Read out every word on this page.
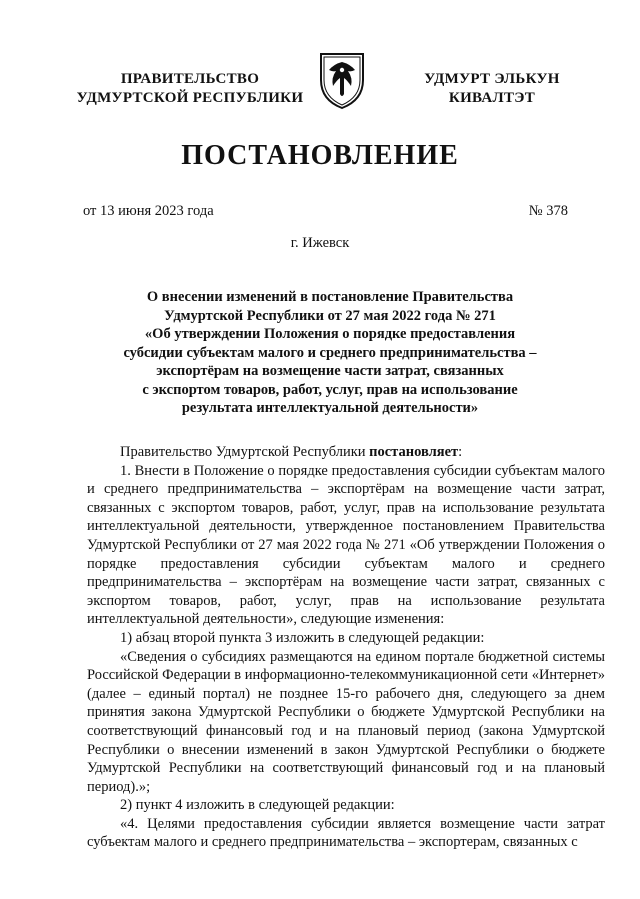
ПРАВИТЕЛЬСТВО
УДМУРТСКОЙ РЕСПУБЛИКИ
УДМУРТ ЭЛЬКУН
КИВАЛТЭТ
ПОСТАНОВЛЕНИЕ
от 13 июня 2023 года	№ 378
г. Ижевск
О внесении изменений в постановление Правительства
Удмуртской Республики от 27 мая 2022 года № 271
«Об утверждении Положения о порядке предоставления
субсидии субъектам малого и среднего предпринимательства –
экспортёрам на возмещение части затрат, связанных
с экспортом товаров, работ, услуг, прав на использование
результата интеллектуальной деятельности»

Правительство Удмуртской Республики постановляет:

1. Внести в Положение о порядке предоставления субсидии субъектам малого и среднего предпринимательства – экспортёрам на возмещение части затрат, связанных с экспортом товаров, работ, услуг, прав на использование результата интеллектуальной деятельности, утвержденное постановлением Правительства Удмуртской Республики от 27 мая 2022 года № 271 «Об утверждении Положения о порядке предоставления субсидии субъектам малого и среднего предпринимательства – экспортёрам на возмещение части затрат, связанных с экспортом товаров, работ, услуг, прав на использование результата интеллектуальной деятельности», следующие изменения:

1) абзац второй пункта 3 изложить в следующей редакции:

«Сведения о субсидиях размещаются на едином портале бюджетной системы Российской Федерации в информационно-телекоммуникационной сети «Интернет» (далее – единый портал) не позднее 15-го рабочего дня, следующего за днем принятия закона Удмуртской Республики о бюджете Удмуртской Республики на соответствующий финансовый год и на плановый период (закона Удмуртской Республики о внесении изменений в закон Удмуртской Республики о бюджете Удмуртской Республики на соответствующий финансовый год и на плановый период).»;

2) пункт 4 изложить в следующей редакции:

«4. Целями предоставления субсидии является возмещение части затрат субъектам малого и среднего предпринимательства – экспортерам, связанных с
